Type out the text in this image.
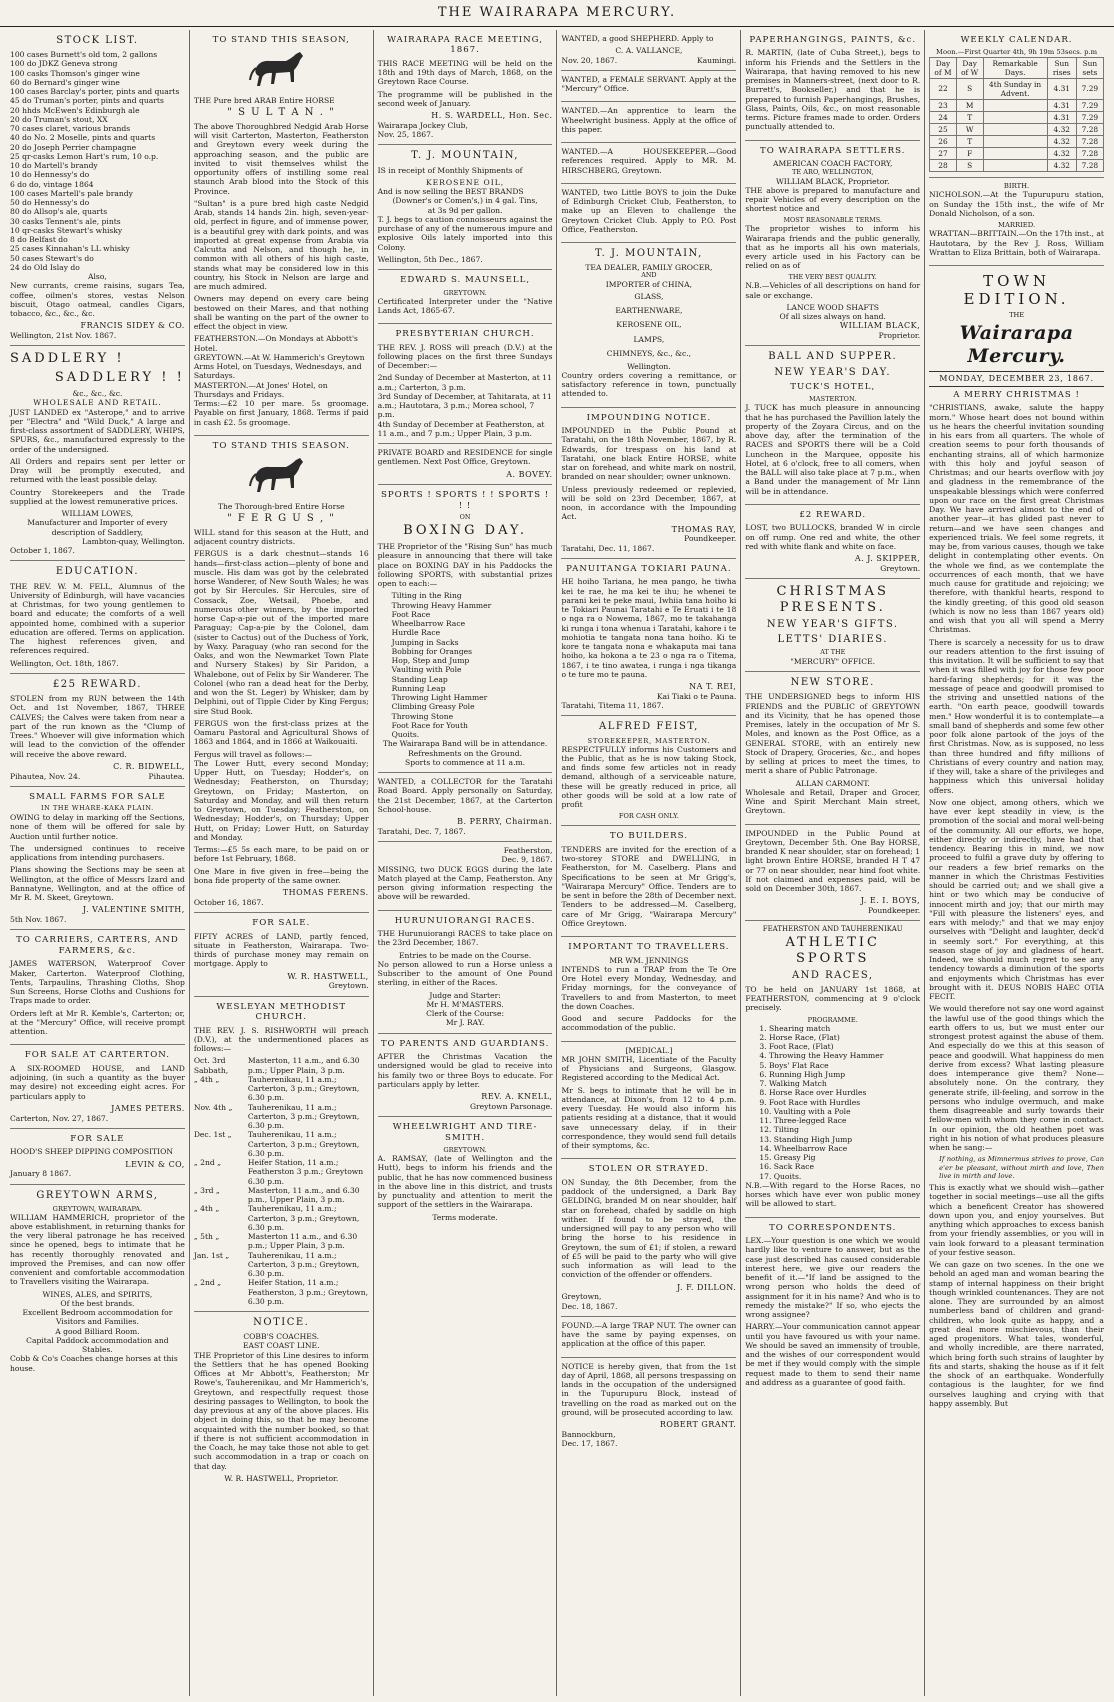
THE WAIRARAPA MERCURY.
STOCK LIST.
100 cases Burnett's old tom, 2 gallons
100 do JDKZ Geneva strong
100 casks Thomson's ginger wine
60 do Bernard's ginger wine
100 cases Barclay's porter, pints and quarts
45 do Truman's porter, pints and quarts
20 hhds McEwen's Edinburgh ale
20 do Truman's stout, XX
70 cases claret, various brands
40 do No. 2 Moselle, pints and quarts
20 do Joseph Perrier champagne
25 qr-casks Lemon Hart's rum, 10 o.p.
10 do Martell's brandy
10 do Hennessy's do
6 do do, vintage 1864
100 cases Martell's pale brandy
50 do Hennessy's do
80 do Allsop's ale, quarts
30 casks Tennent's ale, pints
10 qr-casks Stewart's whisky
8 do Belfast do
25 cases Kinnahan's LL whisky
50 cases Stewart's do
24 do Old Islay do
Also,

New currants, creme raisins, sugars Tea, coffee, oilmen's stores, vestas Nelson biscuit, Otago oatmeal, candles Cigars, tobacco, &c., &c., &c.

FRANCIS SIDEY & CO.
Wellington, 21st Nov. 1867.
SADDLERY !
SADDLERY ! !
&c., &c., &c.
WHOLESALE AND RETAIL.

JUST LANDED ex "Asterope," and to arrive per "Electra" and "Wild Duck," A large and first-class assortment of SADDLERY, WHIPS, SPURS, &c., manufactured expressly to the order of the undersigned.

All Orders and repairs sent per letter or Dray will be promptly executed, and returned with the least possible delay.

Country Storekeepers and the Trade supplied at the lowest remunerative prices.

WILLIAM LOWES,
Manufacturer and Importer of every description of Saddlery,
Lambton-quay, Wellington.
October 1, 1867.
EDUCATION.

THE REV. W. M. FELL, Alumnus of the University of Edinburgh, will have vacancies at Christmas, for two young gentlemen to board and educate; the comforts of a well appointed home, combined with a superior education are offered. Terms on application. The highest references given, and references required.

Wellington, Oct. 18th, 1867.
£25 REWARD.

STOLEN from my RUN between the 14th Oct. and 1st November, 1867, THREE CALVES; the Calves were taken from near a part of the run known as the "Clump of Trees." Whoever will give information which will lead to the conviction of the offender will receive the above reward.

C. R. BIDWELL,
Pihautea, Nov. 24.	Pihautea.
SMALL FARMS FOR SALE
IN THE WHARE-KAKA PLAIN.

OWING to delay in marking off the Sections, none of them will be offered for sale by Auction until further notice.

The undersigned continues to receive applications from intending purchasers.

Plans showing the Sections may be seen at Wellington, at the office of Messrs Izard and Bannatyne, Wellington, and at the office of Mr R. M. Skeet, Greytown.

J. VALENTINE SMITH,
5th Nov. 1867.
TO CARRIERS, CARTERS, AND FARMERS, &c.

JAMES WATERSON, Waterproof Cover Maker, Carterton. Waterproof Clothing, Tents, Tarpaulins, Thrashing Cloths, Shop Sun Screens, Horse Cloths and Cushions for Traps made to order.

Orders left at Mr R. Kemble's, Carterton; or, at the "Mercury" Office, will receive prompt attention.

FOR SALE AT CARTERTON.

A SIX-ROOMED HOUSE, and LAND adjoining, (in such a quantity as the buyer may desire) not exceeding eight acres. For particulars apply to

JAMES PETERS.
Carterton, Nov. 27, 1867.
FOR SALE

HOOD'S SHEEP DIPPING COMPOSITION

LEVIN & CO,
January 8 1867.
GREYTOWN ARMS,
GREYTOWN, WAIRARAPA.

WILLIAM HAMMERICH, proprietor of the above establishment, in returning thanks for the very liberal patronage he has received since he opened, begs to intimate that he has recently thoroughly renovated and improved the Premises, and can now offer convenient and comfortable accommodation to Travellers visiting the Wairarapa.

WINES, ALES, and SPIRITS,
Of the best brands.
Excellent Bedroom accommodation for Visitors and Families.
A good Billiard Room.
Capital Paddock accommodation and Stables.
Cobb & Co's Coaches change horses at this house.
TO STAND THIS SEASON,
THE Pure bred ARAB Entire HORSE
" S U L T A N . "

The above Thoroughbred Nedgid Arab Horse will visit Carterton, Masterton, Featherston and Greytown every week during the approaching season, and the public are invited to visit themselves whilst the opportunity offers of instilling some real staunch Arab blood into the Stock of this Province.

"Sultan" is a pure bred high caste Nedgid Arab, stands 14 hands 2in. high, seven-year-old, perfect in figure, and of immense power, is a beautiful grey with dark points, and was imported at great expense from Arabia via Calcutta and Nelson, and though he, in common with all others of his high caste, stands what may be considered low in this country, his Stock in Nelson are large and are much admired.

Owners may depend on every care being bestowed on their Mares, and that nothing shall be wanting on the part of the owner to effect the object in view.

FEATHERSTON.—On Mondays at Abbott's Hotel.
GREYTOWN.—At W. Hammerich's Greytown Arms Hotel, on Tuesdays, Wednesdays, and Saturdays.
MASTERTON.—At Jones' Hotel, on Thursdays and Fridays.

Terms:—£2 10 per mare. 5s groomage. Payable on first January, 1868. Terms if paid in cash £2. 5s groomage.

TO STAND THIS SEASON.
The Thorough-bred Entire Horse
" F E R G U S , "

WILL stand for this season at the Hutt, and adjacent country districts.

FERGUS is a dark chestnut—stands 16 hands—first-class action—plenty of bone and muscle. His dam was got by the celebrated horse Wanderer, of New South Wales; he was got by Sir Hercules. Sir Hercules, sire of Cossack, Zoe, Wetsail, Phoebe, and numerous other winners, by the imported horse Cap-a-pie out of the imported mare Paraguay; Cap-a-pie by the Colonel, dam (sister to Cactus) out of the Duchess of York, by Waxy. Paraguay (who ran second for the Oaks, and won the Newmarket Town Plate and Nursery Stakes) by Sir Paridon, a Whalebone, out of Felix by Sir Wanderer. The Colonel (who ran a dead heat for the Derby, and won the St. Leger) by Whisker, dam by Delphini, out of Tipple Cider by King Fergus; sire Stud Book.

FERGUS won the first-class prizes at the Oamaru Pastoral and Agricultural Shows of 1863 and 1864, and in 1866 at Waikouaiti.

Fergus will travel as follows:—

The Lower Hutt, every second Monday; Upper Hutt, on Tuesday; Hodder's, on Wednesday; Featherston, on Thursday; Greytown, on Friday; Masterton, on Saturday and Monday, and will then return to Greytown, on Tuesday; Featherston, on Wednesday; Hodder's, on Thursday; Upper Hutt, on Friday; Lower Hutt, on Saturday and Monday.

Terms:—£5 5s each mare, to be paid on or before 1st February, 1868.

One Mare in five given in free—being the bona fide property of the same owner.

THOMAS FERENS.
October 16, 1867.
FOR SALE.

FIFTY ACRES of LAND, partly fenced, situate in Featherston, Wairarapa. Two-thirds of purchase money may remain on mortgage. Apply to

W. R. HASTWELL,
Greytown.
WESLEYAN METHODIST CHURCH.

THE REV. J. S. RISHWORTH will preach (D.V.), at the undermentioned places as follows:—

Oct. 3rd Sabbath,
Masterton, 11 a.m., and 6.30 p.m.; Upper Plain, 3 p.m.
„ 4th „	Tauherenikau, 11 a.m.; Carterton, 3 p.m.; Greytown, 6.30 p.m.
Nov. 4th „	Tauherenikau, 11 a.m.; Carterton, 3 p.m.; Greytown, 6.30 p.m.
Dec. 1st „	Tauherenikau, 11 a.m.; Carterton, 3 p.m.; Greytown, 6.30 p.m.
„ 2nd „	Heifer Station, 11 a.m.; Featherston 3 p.m.; Greytown 6.30 p.m.
„ 3rd „	Masterton, 11 a.m., and 6.30 p.m., Upper Plain, 3 p.m.
„ 4th „	Tauherenikau, 11 a.m.; Carterton, 3 p.m.; Greytown, 6.30 p.m.
„ 5th „	Masterton 11 a.m., and 6.30 p.m.; Upper Plain, 3 p.m.
Jan. 1st „	Tauherenikau, 11 a.m.; Carterton, 3 p.m.; Greytown, 6.30 p.m.
„ 2nd „	Heifer Station, 11 a.m.; Featherston, 3 p.m.; Greytown, 6.30 p.m.
NOTICE.
COBB'S COACHES.
EAST COAST LINE.

THE Proprietor of this Line desires to inform the Settlers that he has opened Booking Offices at Mr Abbott's, Featherston; Mr Rowe's, Tauherenikau, and Mr Hammerich's, Greytown, and respectfully request those desiring passages to Wellington, to book the day previous at any of the above places. His object in doing this, so that he may become acquainted with the number booked, so that if there is not sufficient accommodation in the Coach, he may take those not able to get such accommodation in a trap or coach on that day.

W. R. HASTWELL, Proprietor.
WAIRARAPA RACE MEETING, 1867.

THIS RACE MEETING will be held on the 18th and 19th days of March, 1868, on the Greytown Race Course.

The programme will be published in the second week of January.

H. S. WARDELL, Hon. Sec.
Wairarapa Jockey Club,
Nov. 25, 1867.
T. J. MOUNTAIN,

IS in receipt of Monthly Shipments of

KEROSENE OIL,
And is now selling the BEST BRANDS
(Downer's or Comen's,) in 4 gal. Tins,
at 3s 9d per gallon.

T. J. begs to caution connoisseurs against the purchase of any of the numerous impure and explosive Oils lately imported into this Colony.

Wellington, 5th Dec., 1867.
EDWARD S. MAUNSELL,
GREYTOWN.

Certificated Interpreter under the "Native Lands Act, 1865-67.

PRESBYTERIAN CHURCH.

THE REV. J. ROSS will preach (D.V.) at the following places on the first three Sundays of December:—

2nd Sunday of December at Masterton, at 11 a.m.; Carterton, 3 p.m.
3rd Sunday of December, at Tahitarata, at 11 a.m.; Hautotara, 3 p.m.; Morea school, 7 p.m.
4th Sunday of December at Featherston, at 11 a.m., and 7 p.m.; Upper Plain, 3 p.m.

PRIVATE BOARD and RESIDENCE for single gentlemen. Next Post Office, Greytown.

A. BOVEY.
SPORTS ! SPORTS ! ! SPORTS ! ! !
ON
BOXING DAY.

THE Proprietor of the "Rising Sun" has much pleasure in announcing that there will take place on BOXING DAY in his Paddocks the following SPORTS, with substantial prizes open to each:—

Tilting in the Ring
Throwing Heavy Hammer
Foot Race
Wheelbarrow Race
Hurdle Race
Jumping in Sacks
Bobbing for Oranges
Hop, Step and Jump
Vaulting with Pole
Standing Leap
Running Leap
Throwing Light Hammer
Climbing Greasy Pole
Throwing Stone
Foot Race for Youth
Quoits.
The Wairarapa Band will be in attendance.
Refreshments on the Ground.
Sports to commence at 11 a.m.

WANTED, a COLLECTOR for the Taratahi Road Board. Apply personally on Saturday, the 21st December, 1867, at the Carterton School-house.

B. PERRY, Chairman.
Taratahi, Dec. 7, 1867.
Featherston,
Dec. 9, 1867.

MISSING, two DUCK EGGS during the late Match played at the Camp, Featherston. Any person giving information respecting the above will be rewarded.

HURUNUIORANGI RACES.

THE Hurunuiorangi RACES to take place on the 23rd December, 1867.

Entries to be made on the Course.

No person allowed to run a Horse unless a Subscriber to the amount of One Pound sterling, in either of the Races.

Judge and Starter:
Mr H. M'MASTERS.
Clerk of the Course:
Mr J. RAY.
TO PARENTS AND GUARDIANS.

AFTER the Christmas Vacation the undersigned would be glad to receive into his family two or three Boys to educate. For particulars apply by letter.

REV. A. KNELL,
Greytown Parsonage.
WHEELWRIGHT AND TIRE-SMITH.
GREYTOWN.

A. RAMSAY, (late of Wellington and the Hutt), begs to inform his friends and the public, that he has now commenced business in the above line in this district, and trusts by punctuality and attention to merit the support of the settlers in the Wairarapa.

Terms moderate.

WANTED, a good SHEPHERD. Apply to

C. A. VALLANCE,
Nov. 20, 1867.	Kaumingi.

WANTED, a FEMALE SERVANT. Apply at the "Mercury" Office.

WANTED.—An apprentice to learn the Wheelwright business. Apply at the office of this paper.

WANTED.—A HOUSEKEEPER.—Good references required. Apply to MR. M. HIRSCHBERG, Greytown.

WANTED, two Little BOYS to join the Duke of Edinburgh Cricket Club, Featherston, to make up an Eleven to challenge the Greytown Cricket Club. Apply to P.O. Post Office, Featherston.

T. J. MOUNTAIN,
TEA DEALER, FAMILY GROCER,
AND
IMPORTER of CHINA,
GLASS,
EARTHENWARE,
KEROSENE OIL,
LAMPS,
CHIMNEYS, &c., &c.,
Wellington.

Country orders covering a remittance, or satisfactory reference in town, punctually attended to.

IMPOUNDING NOTICE.

IMPOUNDED in the Public Pound at Taratahi, on the 18th November, 1867, by R. Edwards, for trespass on his land at Taratahi, one black Entire HORSE, white star on forehead, and white mark on nostril, branded on near shoulder; owner unknown.

Unless previously redeemed or replevied, will be sold on 23rd December, 1867, at noon, in accordance with the Impounding Act.

THOMAS RAY,
Poundkeeper.
Taratahi, Dec. 11, 1867.
PANUITANGA TOKIARI PAUNA.

HE hoiho Tariana, he mea pango, he tiwha kei te rae, he ma kei te ihu; he whenei te parani kei te peke maui, Iwhiia tana hoiho ki te Tokiari Paunai Taratahi e Te Eruati i te 18 o nga ra o Nowema, 1867, mo te takahanga ki runga i tona whenua i Taratahi, kahore i te mohiotia te tangata nona tana hoiho. Ki te kore te tangata nona e whakaputa mai tana hoiho, ka hokona a te 23 o nga ra o Titema, 1867, i te tino awatea, i runga i nga tikanga o te ture mo te pauna.

NA T. REI,
Kai Tiaki o te Pauna.
Taratahi, Titema 11, 1867.
ALFRED FEIST,
STOREKEEPER, MASTERTON.

RESPECTFULLY informs his Customers and the Public, that as he is now taking Stock, and finds some few articles not in ready demand, although of a serviceable nature, these will be greatly reduced in price, all other goods will be sold at a low rate of profit

FOR CASH ONLY.
TO BUILDERS.

TENDERS are invited for the erection of a two-storey STORE and DWELLING, in Featherston, for M. Caselberg. Plans and Specifications to be seen at Mr Grigg's, "Wairarapa Mercury" Office. Tenders are to be sent in before the 28th of December next. Tenders to be addressed—M. Caselberg, care of Mr Grigg, "Wairarapa Mercury" Office Greytown.

IMPORTANT TO TRAVELLERS.
MR WM. JENNINGS

INTENDS to run a TRAP from the Te Ore Ore Hotel every Monday, Wednesday, and Friday mornings, for the conveyance of Travellers to and from Masterton, to meet the down Coaches.

Good and secure Paddocks for the accommodation of the public.

[MEDICAL.]

MR JOHN SMITH, Licentiate of the Faculty of Physicians and Surgeons, Glasgow. Registered according to the Medical Act.

Mr S. begs to intimate that he will be in attendance, at Dixon's, from 12 to 4 p.m. every Tuesday. He would also inform his patients residing at a distance, that it would save unnecessary delay, if in their correspondence, they would send full details of their symptoms, &c.

STOLEN OR STRAYED.

ON Sunday, the 8th December, from the paddock of the undersigned, a Dark Bay GELDING, branded M on near shoulder, half star on forehead, chafed by saddle on high wither. If found to be strayed, the undersigned will pay to any person who will bring the horse to his residence in Greytown, the sum of £1; if stolen, a reward of £5 will be paid to the party who will give such information as will lead to the conviction of the offender or offenders.

J. F. DILLON.
Greytown,
Dec. 18, 1867.

FOUND.—A large TRAP NUT. The owner can have the same by paying expenses, on application at the office of this paper.

NOTICE is hereby given, that from the 1st day of April, 1868, all persons trespassing on lands in the occupation of the undersigned in the Tupurupuru Block, instead of travelling on the road as marked out on the ground, will be prosecuted according to law.

ROBERT GRANT.
Bannockburn,
Dec. 17, 1867.
PAPERHANGINGS, PAINTS, &c.

R. MARTIN, (late of Cuba Street,), begs to inform his Friends and the Settlers in the Wairarapa, that having removed to his new premises in Manners-street, (next door to R. Burrett's, Bookseller,) and that he is prepared to furnish Paperhangings, Brushes, Glass, Paints, Oils, &c., on most reasonable terms. Picture frames made to order. Orders punctually attended to.

TO WAIRARAPA SETTLERS.
AMERICAN COACH FACTORY,
TE ARO, WELLINGTON,
WILLIAM BLACK, Proprietor.

THE above is prepared to manufacture and repair Vehicles of every description on the shortest notice and

MOST REASONABLE TERMS.

The proprietor wishes to inform his Wairarapa friends and the public generally, that as he imports all his own materials, every article used in his Factory can be relied on as of

THE VERY BEST QUALITY.

N.B.—Vehicles of all descriptions on hand for sale or exchange.

LANCE WOOD SHAFTS
Of all sizes always on hand.
WILLIAM BLACK,
Proprietor.
BALL AND SUPPER.
NEW YEAR'S DAY.
TUCK'S HOTEL,
MASTERTON.

J. TUCK has much pleasure in announcing that he has purchased the Pavillion lately the property of the Zoyara Circus, and on the above day, after the termination of the RACES and SPORTS there will be a Cold Luncheon in the Marquee, opposite his Hotel, at 6 o'clock, free to all comers, when the BALL will also take place at 7 p.m., when a Band under the management of Mr Linn will be in attendance.

£2 REWARD.

LOST, two BULLOCKS, branded W in circle on off rump. One red and white, the other red with white flank and white on face.

A. J. SKIPPER,
Greytown.
CHRISTMAS PRESENTS.
NEW YEAR'S GIFTS.
LETTS' DIARIES.
AT THE
"MERCURY" OFFICE.
NEW STORE.

THE UNDERSIGNED begs to inform HIS FRIENDS and the PUBLIC of GREYTOWN and its Vicinity, that he has opened those Premises, lately in the occupation of Mr S. Moles, and known as the Post Office, as a GENERAL STORE, with an entirely new Stock of Drapery, Groceries, &c., and hopes by selling at prices to meet the times, to merit a share of Public Patronage.

ALLAN CARMONT.

Wholesale and Retail, Draper and Grocer, Wine and Spirit Merchant Main street, Greytown.

IMPOUNDED in the Public Pound at Greytown, December 5th. One Bay HORSE, branded K near shoulder, star on forehead; 1 light brown Entire HORSE, branded H T 47 or 77 on near shoulder, near hind foot white. If not claimed and expenses paid, will be sold on December 30th, 1867.

J. E. I. BOYS,
Poundkeeper.
FEATHERSTON AND TAUHERENIKAU
ATHLETIC SPORTS
AND RACES,

TO be held on JANUARY 1st 1868, at FEATHERSTON, commencing at 9 o'clock precisely.

PROGRAMME.
1. Shearing match
2. Horse Race, (Flat)
3. Foot Race, (Flat)
4. Throwing the Heavy Hammer
5. Boys' Flat Race
6. Running High Jump
7. Walking Match
8. Horse Race over Hurdles
9. Foot Race with Hurdles
10. Vaulting with a Pole
11. Three-legged Race
12. Tilting
13. Standing High Jump
14. Wheelbarrow Race
15. Greasy Pig
16. Sack Race
17. Quoits.

N.B.—With regard to the Horse Races, no horses which have ever won public money will be allowed to start.

TO CORRESPONDENTS.

LEX.—Your question is one which we would hardly like to venture to answer, but as the case just described has caused considerable interest here, we give our readers the benefit of it.—"If land be assigned to the wrong person who holds the deed of assignment for it in his name? And who is to remedy the mistake?" If so, who ejects the wrong assignee?

HARRY.—Your communication cannot appear until you have favoured us with your name. We should be saved an immensity of trouble, and the wishes of our correspondent would be met if they would comply with the simple request made to them to send their name and address as a guarantee of good faith.

WEEKLY CALENDAR.
Moon.—First Quarter 4th, 9h 19m 53secs. p.m
Day of M	Day of W	Remarkable Days.	Sun rises	Sun sets
22	S	4th Sunday in Advent.	4.31	7.29
23	M		4.31	7.29
24	T		4.31	7.29
25	W		4.32	7.28
26	T		4.32	7.28
27	F		4.32	7.28
28	S		4.32	7.28
BIRTH.

NICHOLSON.—At the Tupurupuru station, on Sunday the 15th inst., the wife of Mr Donald Nicholson, of a son.

MARRIED.

WRATTAN—BRITTAIN.—On the 17th inst., at Hautotara, by the Rev J. Ross, William Wrattan to Eliza Brittain, both of Wairarapa.

TOWN EDITION.
THE
Wairarapa Mercury.
MONDAY, DECEMBER 23, 1867.
A MERRY CHRISTMAS !

"CHRISTIANS, awake, salute the happy morn." Whose heart does not bound within us he hears the cheerful invitation sounding in his ears from all quarters. The whole of creation seems to pour forth thousands of enchanting strains, all of which harmonize with this holy and joyful season of Christmas; and our hearts overflow with joy and gladness in the remembrance of the unspeakable blessings which were conferred upon our race on the first great Christmas Day. We have arrived almost to the end of another year—it has glided past never to return—and we have seen changes and experienced trials. We feel some regrets, it may be, from various causes, though we take delight in contemplating other events. On the whole we find, as we contemplate the occurrences of each month, that we have much cause for gratitude and rejoicing; we therefore, with thankful hearts, respond to the kindly greeting, of this good old season (which is now no less than 1867 years old) and wish that you all will spend a Merry Christmas.

There is scarcely a necessity for us to draw our readers attention to the first issuing of this invitation. It will be sufficient to say that when it was filled with joy for those few poor hard-faring shepherds; for it was the message of peace and goodwill promised to the striving and unsettled nations of the earth. "On earth peace, goodwill towards men." How wonderful it is to contemplate—a small band of shepherds and some few other poor folk alone partook of the joys of the first Christmas. Now, as is supposed, no less than three hundred and fifty millions of Christians of every country and nation may, if they will, take a share of the privileges and happiness which this universal holiday offers.

Now one object, among others, which we have ever kept steadily in view, is the promotion of the social and moral well-being of the community. All our efforts, we hope, either directly or indirectly, have had that tendency. Bearing this in mind, we now proceed to fulfil a grave duty by offering to our readers a few brief remarks on the manner in which the Christmas Festivities should be carried out; and we shall give a hint or two which may be conducive of innocent mirth and joy; that our mirth may "Fill with pleasure the listeners' eyes, and ears with melody;" and that we may enjoy ourselves with "Delight and laughter, deck'd in seemly sort." For everything, at this season stage of joy and gladness of heart. Indeed, we should much regret to see any tendency towards a diminution of the sports and enjoyments which Christmas has ever brought with it. DEUS NOBIS HAEC OTIA FECIT.

We would therefore not say one word against the lawful use of the good things which the earth offers to us, but we must enter our strongest protest against the abuse of them. And especially do we this at this season of peace and goodwill. What happiness do men derive from excess? What lasting pleasure does intemperance give them? None—absolutely none. On the contrary, they generate strife, ill-feeling, and sorrow in the persons who indulge overmuch, and make them disagreeable and surly towards their fellow-men with whom they come in contact. In our opinion, the old heathen poet was right in his notion of what produces pleasure when he sang:—

If nothing, as Mimnermus strives to prove, Can e'er be pleasant, without mirth and love, Then live in mirth and love.

This is exactly what we should wish—gather together in social meetings—use all the gifts which a beneficent Creator has showered down upon you, and enjoy yourselves. But anything which approaches to excess banish from your friendly assemblies, or you will in vain look forward to a pleasant termination of your festive season.

We can gaze on two scenes. In the one we behold an aged man and woman bearing the stamp of internal happiness on their bright though wrinkled countenances. They are not alone. They are surrounded by an almost numberless band of children and grand-children, who look quite as happy, and a great deal more mischievous, than their aged progenitors. What tales, wonderful, and wholly incredible, are there narrated, which bring forth such strains of laughter by fits and starts, shaking the house as if it felt the shock of an earthquake. Wonderfully contagious is the laughter, for we find ourselves laughing and crying with that happy assembly. But
